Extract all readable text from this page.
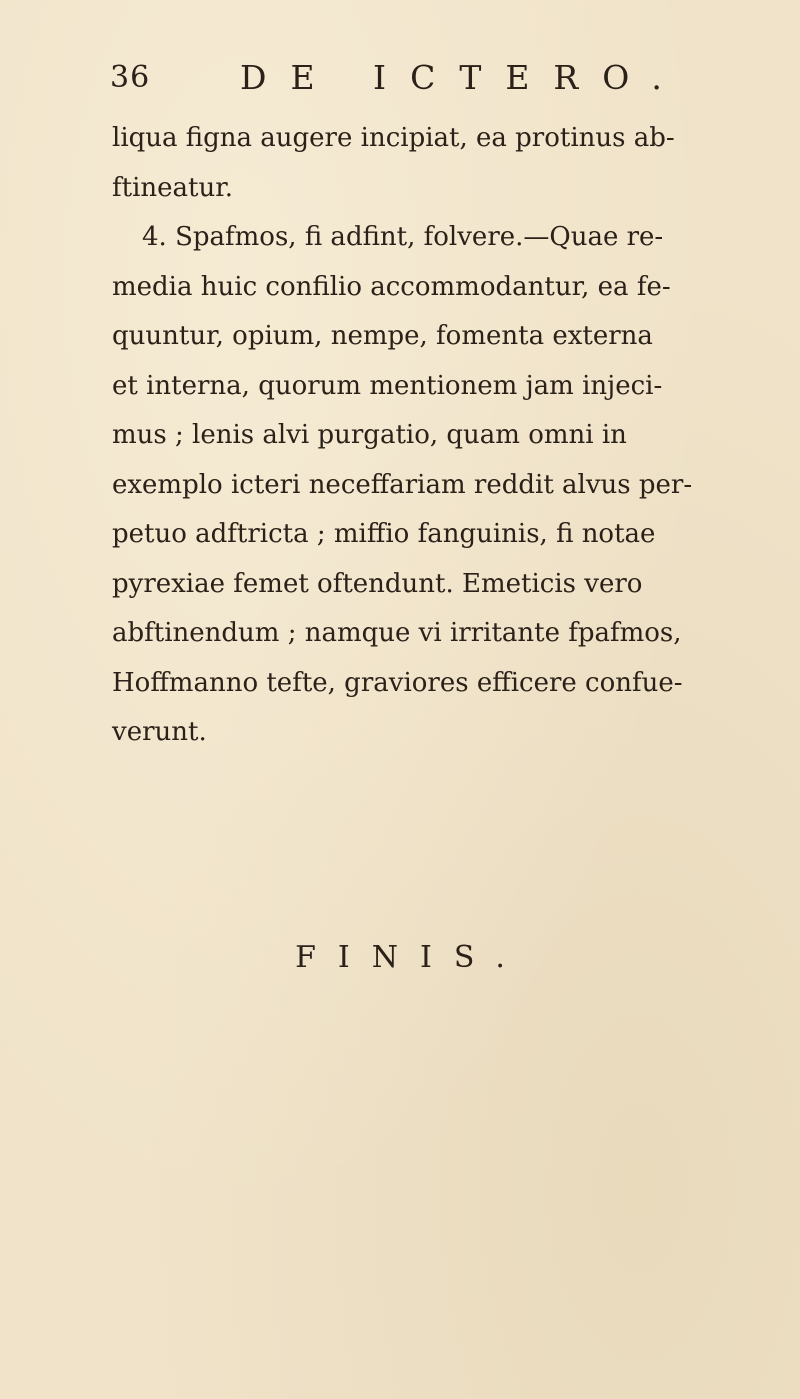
36	DE ICTERO.
liqua figna augere incipiat, ea protinus ab-
ftineatur.
4. Spafmos, fi adfint, folvere.—Quae re-
media huic confilio accommodantur, ea fe-
quuntur, opium, nempe, fomenta externa
et interna, quorum mentionem jam injeci-
mus ; lenis alvi purgatio, quam omni in
exemplo icteri neceffariam reddit alvus per-
petuo adftricta ; miffio fanguinis, fi notae
pyrexiae femet oftendunt. Emeticis vero
abftinendum ; namque vi irritante fpafmos,
Hoffmanno tefte, graviores efficere confue-
verunt.
FINIS.
